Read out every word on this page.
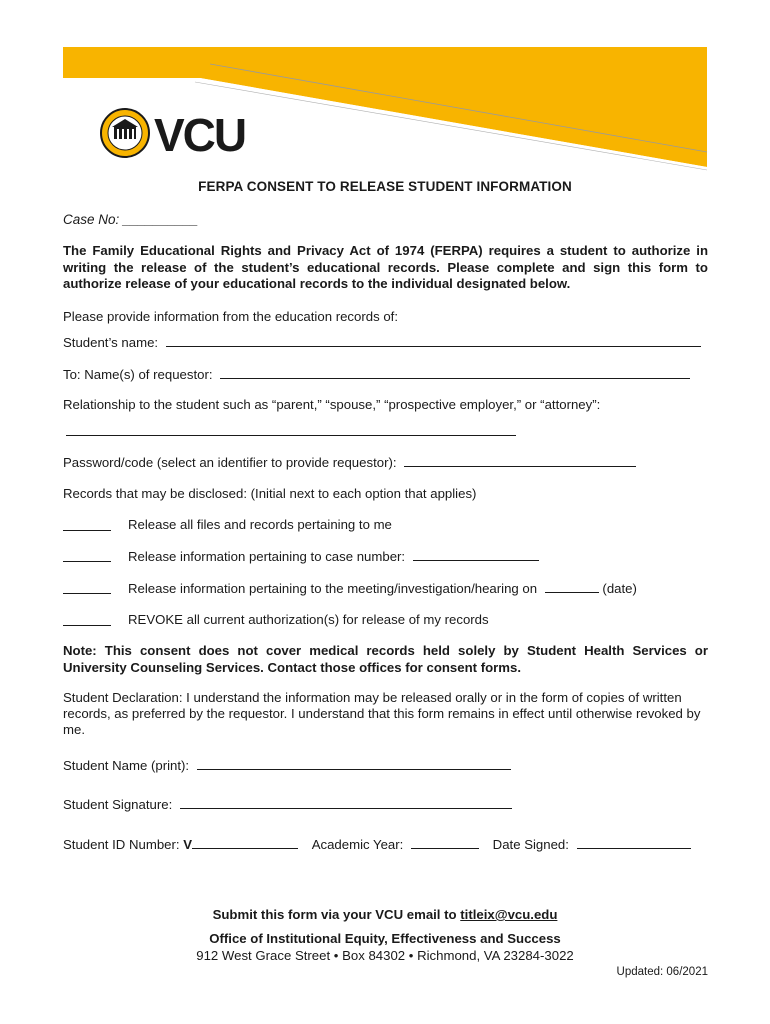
VCU
FERPA CONSENT TO RELEASE STUDENT INFORMATION
Case No: __________
The Family Educational Rights and Privacy Act of 1974 (FERPA) requires a student to authorize in writing the release of the student’s educational records. Please complete and sign this form to authorize release of your educational records to the individual designated below.
Please provide information from the education records of:
Student’s name:
To: Name(s) of requestor:
Relationship to the student such as “parent,” “spouse,” “prospective employer,” or “attorney”:
Password/code (select an identifier to provide requestor):
Records that may be disclosed: (Initial next to each option that applies)
Release all files and records pertaining to me
Release information pertaining to case number:
Release information pertaining to the meeting/investigation/hearing on	(date)
REVOKE all current authorization(s) for release of my records
Note: This consent does not cover medical records held solely by Student Health Services or University Counseling Services. Contact those offices for consent forms.
Student Declaration: I understand the information may be released orally or in the form of copies of written records, as preferred by the requestor. I understand that this form remains in effect until otherwise revoked by me.
Student Name (print):
Student Signature:
Student ID Number: V	Academic Year:	Date Signed:
Submit this form via your VCU email to titleix@vcu.edu
Office of Institutional Equity, Effectiveness and Success
912 West Grace Street • Box 84302 • Richmond, VA 23284-3022
Updated: 06/2021
